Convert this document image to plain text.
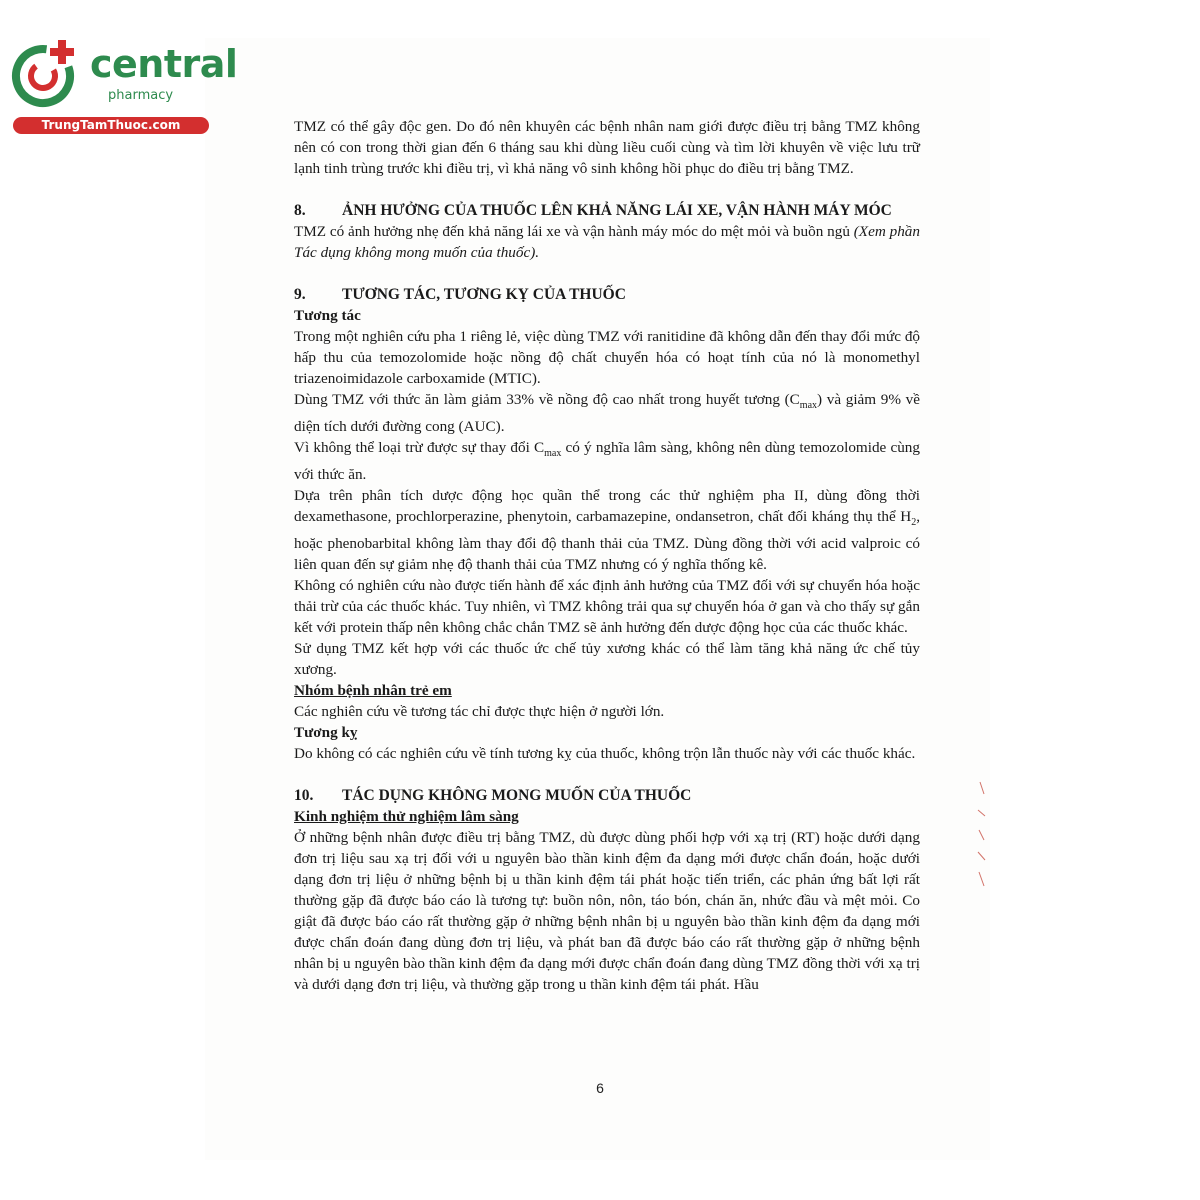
central
pharmacy
TrungTamThuoc.com	TMZ có thể gây độc gen. Do đó nên khuyên các bệnh nhân nam giới được điều trị bằng TMZ không nên có con trong thời gian đến 6 tháng sau khi dùng liều cuối cùng và tìm lời khuyên về việc lưu trữ lạnh tinh trùng trước khi điều trị, vì khả năng vô sinh không hồi phục do điều trị bằng TMZ.

8.	ẢNH HƯỞNG CỦA THUỐC LÊN KHẢ NĂNG LÁI XE, VẬN HÀNH MÁY MÓC

TMZ có ảnh hưởng nhẹ đến khả năng lái xe và vận hành máy móc do mệt mỏi và buồn ngủ (Xem phần Tác dụng không mong muốn của thuốc).

9.	TƯƠNG TÁC, TƯƠNG KỴ CỦA THUỐC

Tương tác

Trong một nghiên cứu pha 1 riêng lẻ, việc dùng TMZ với ranitidine đã không dẫn đến thay đổi mức độ hấp thu của temozolomide hoặc nồng độ chất chuyển hóa có hoạt tính của nó là monomethyl triazenoimidazole carboxamide (MTIC).

Dùng TMZ với thức ăn làm giảm 33% về nồng độ cao nhất trong huyết tương $(C_{max})$ và giảm 9% về diện tích dưới đường cong (AUC).

Vì không thể loại trừ được sự thay đổi $C_{max}$ có ý nghĩa lâm sàng, không nên dùng temozolomide cùng với thức ăn.

Dựa trên phân tích dược động học quần thể trong các thử nghiệm pha II, dùng đồng thời dexamethasone, prochlorperazine, phenytoin, carbamazepine, ondansetron, chất đối kháng thụ thể $H_2$, hoặc phenobarbital không làm thay đổi độ thanh thải của TMZ. Dùng đồng thời với acid valproic có liên quan đến sự giảm nhẹ độ thanh thải của TMZ nhưng có ý nghĩa thống kê.

Không có nghiên cứu nào được tiến hành để xác định ảnh hưởng của TMZ đối với sự chuyển hóa hoặc thải trừ của các thuốc khác. Tuy nhiên, vì TMZ không trải qua sự chuyển hóa ở gan và cho thấy sự gắn kết với protein thấp nên không chắc chắn TMZ sẽ ảnh hưởng đến dược động học của các thuốc khác.

Sử dụng TMZ kết hợp với các thuốc ức chế tủy xương khác có thể làm tăng khả năng ức chế tủy xương.

Nhóm bệnh nhân trẻ em

Các nghiên cứu về tương tác chỉ được thực hiện ở người lớn.

Tương kỵ

Do không có các nghiên cứu về tính tương kỵ của thuốc, không trộn lẫn thuốc này với các thuốc khác.

10.	TÁC DỤNG KHÔNG MONG MUỐN CỦA THUỐC

Kinh nghiệm thử nghiệm lâm sàng

Ở những bệnh nhân được điều trị bằng TMZ, dù được dùng phối hợp với xạ trị (RT) hoặc dưới dạng đơn trị liệu sau xạ trị đối với u nguyên bào thần kinh đệm đa dạng mới được chẩn đoán, hoặc dưới dạng đơn trị liệu ở những bệnh bị u thần kinh đệm tái phát hoặc tiến triển, các phản ứng bất lợi rất thường gặp đã được báo cáo là tương tự: buồn nôn, nôn, táo bón, chán ăn, nhức đầu và mệt mỏi. Co giật đã được báo cáo rất thường gặp ở những bệnh nhân bị u nguyên bào thần kinh đệm đa dạng mới được chẩn đoán đang dùng đơn trị liệu, và phát ban đã được báo cáo rất thường gặp ở những bệnh nhân bị u nguyên bào thần kinh đệm đa dạng mới được chẩn đoán đang dùng TMZ đồng thời với xạ trị và dưới dạng đơn trị liệu, và thường gặp trong u thần kinh đệm tái phát. Hầu

6
